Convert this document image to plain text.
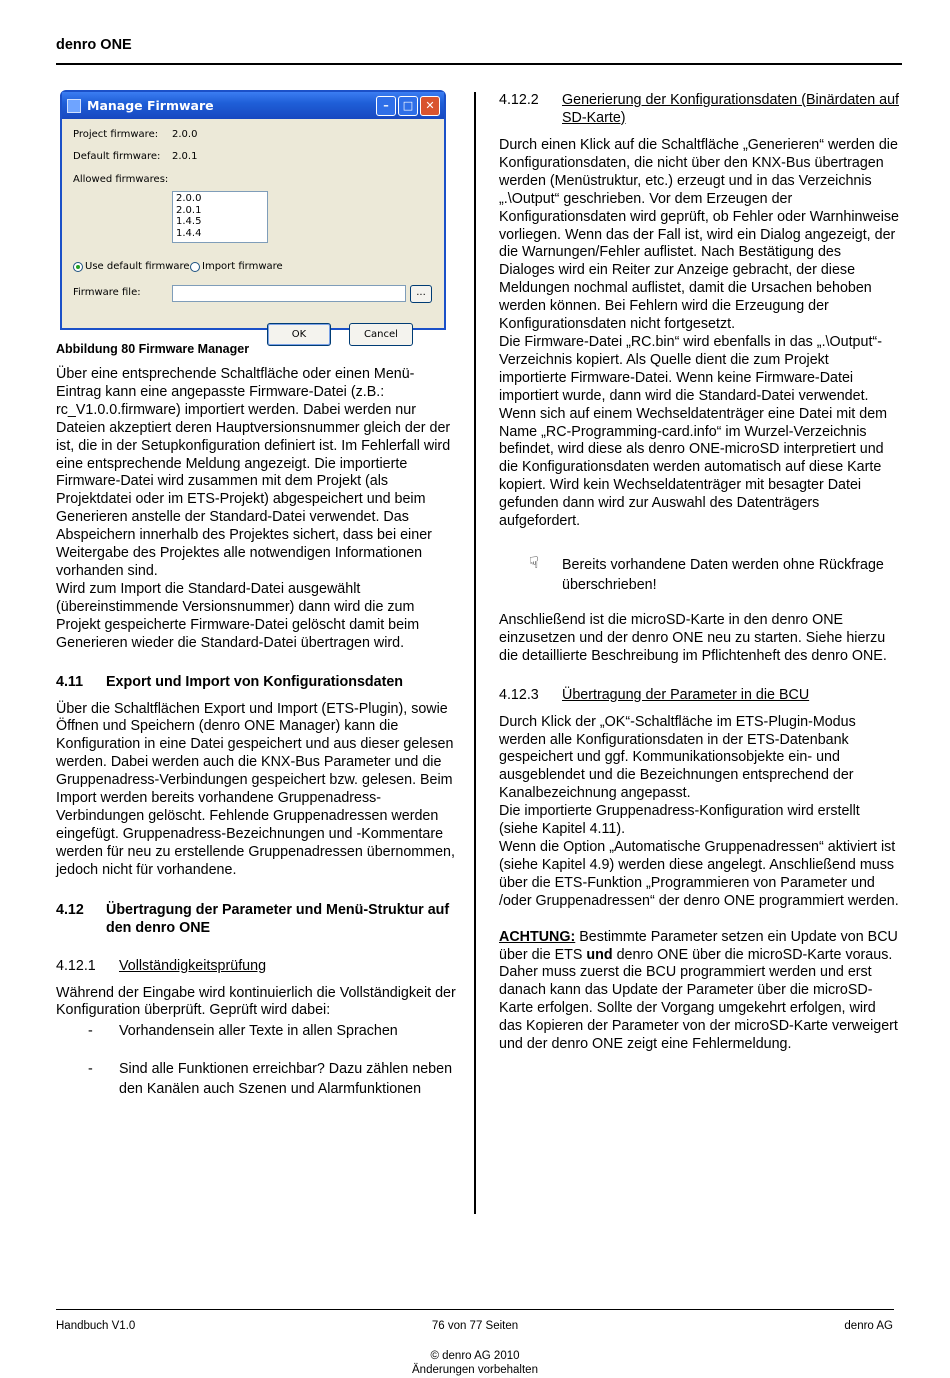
denro ONE
Manage Firmware	–	□	✕
Project firmware: 2.0.0
Default firmware: 2.0.1
Allowed firmwares:
2.0.0
2.0.1
1.4.5
1.4.4
Use default firmware Import firmware
Firmware file:	...
OK	Cancel

Abbildung 80 Firmware Manager

Über eine entsprechende Schaltfläche oder einen Menü-Eintrag kann eine angepasste Firmware-Datei (z.B.: rc_V1.0.0.firmware) importiert werden. Dabei werden nur Dateien akzeptiert deren Hauptversionsnummer gleich der der ist, die in der Setupkonfiguration definiert ist. Im Fehlerfall wird eine entsprechende Meldung angezeigt. Die importierte Firmware-Datei wird zusammen mit dem Projekt (als Projektdatei oder im ETS-Projekt) abgespeichert und beim Generieren anstelle der Standard-Datei verwendet. Das Abspeichern innerhalb des Projektes sichert, dass bei einer Weitergabe des Projektes alle notwendigen Informationen vorhanden sind.

Wird zum Import die Standard-Datei ausgewählt (übereinstimmende Versionsnummer) dann wird die zum Projekt gespeicherte Firmware-Datei gelöscht damit beim Generieren wieder die Standard-Datei übertragen wird.

4.11	Export und Import von Konfigurationsdaten

Über die Schaltflächen Export und Import (ETS-Plugin), sowie Öffnen und Speichern (denro ONE Manager) kann die Konfiguration in eine Datei gespeichert und aus dieser gelesen werden. Dabei werden auch die KNX-Bus Parameter und die Gruppenadress-Verbindungen gespeichert bzw. gelesen. Beim Import werden bereits vorhandene Gruppenadress-Verbindungen gelöscht. Fehlende Gruppenadressen werden eingefügt. Gruppenadress-Bezeichnungen und -Kommentare werden für neu zu erstellende Gruppenadressen übernommen, jedoch nicht für vorhandene.

4.12	Übertragung der Parameter und Menü-Struktur auf den denro ONE
4.12.1	Vollständigkeitsprüfung

Während der Eingabe wird kontinuierlich die Vollständigkeit der Konfiguration überprüft. Geprüft wird dabei:

-	Vorhandensein aller Texte in allen Sprachen
-	Sind alle Funktionen erreichbar? Dazu zählen neben den Kanälen auch Szenen und Alarmfunktionen
4.12.2	Generierung der Konfigurationsdaten (Binärdaten auf SD-Karte)

Durch einen Klick auf die Schaltfläche „Generieren“ werden die Konfigurationsdaten, die nicht über den KNX-Bus übertragen werden (Menüstruktur, etc.) erzeugt und in das Verzeichnis „.\Output“ geschrieben. Vor dem Erzeugen der Konfigurationsdaten wird geprüft, ob Fehler oder Warnhinweise vorliegen. Wenn das der Fall ist, wird ein Dialog angezeigt, der die Warnungen/Fehler auflistet. Nach Bestätigung des Dialoges wird ein Reiter zur Anzeige gebracht, der diese Meldungen nochmal auflistet, damit die Ursachen behoben werden können. Bei Fehlern wird die Erzeugung der Konfigurationsdaten nicht fortgesetzt.

Die Firmware-Datei „RC.bin“ wird ebenfalls in das „.\Output“-Verzeichnis kopiert. Als Quelle dient die zum Projekt importierte Firmware-Datei. Wenn keine Firmware-Datei importiert wurde, dann wird die Standard-Datei verwendet.

Wenn sich auf einem Wechseldatenträger eine Datei mit dem Name „RC-Programming-card.info“ im Wurzel-Verzeichnis befindet, wird diese als denro ONE-microSD interpretiert und die Konfigurationsdaten werden automatisch auf diese Karte kopiert. Wird kein Wechseldatenträger mit besagter Datei gefunden dann wird zur Auswahl des Datenträgers aufgefordert.

☟	Bereits vorhandene Daten werden ohne Rückfrage überschrieben!

Anschließend ist die microSD-Karte in den denro ONE einzusetzen und der denro ONE neu zu starten. Siehe hierzu die detaillierte Beschreibung im Pflichtenheft des denro ONE.

4.12.3	Übertragung der Parameter in die BCU

Durch Klick der „OK“-Schaltfläche im ETS-Plugin-Modus werden alle Konfigurationsdaten in der ETS-Datenbank gespeichert und ggf. Kommunikationsobjekte ein- und ausgeblendet und die Bezeichnungen entsprechend der Kanalbezeichnung angepasst.

Die importierte Gruppenadress-Konfiguration wird erstellt (siehe Kapitel 4.11).

Wenn die Option „Automatische Gruppenadressen“ aktiviert ist (siehe Kapitel 4.9) werden diese angelegt. Anschließend muss über die ETS-Funktion „Programmieren von Parameter und /oder Gruppenadressen“ der denro ONE programmiert werden.

ACHTUNG: Bestimmte Parameter setzen ein Update von BCU über die ETS und denro ONE über die microSD-Karte voraus. Daher muss zuerst die BCU programmiert werden und erst danach kann das Update der Parameter über die microSD-Karte erfolgen. Sollte der Vorgang umgekehrt erfolgen, wird das Kopieren der Parameter von der microSD-Karte verweigert und der denro ONE zeigt eine Fehlermeldung.

Handbuch V1.0	76 von 77 Seiten	denro AG
© denro AG 2010
Änderungen vorbehalten
